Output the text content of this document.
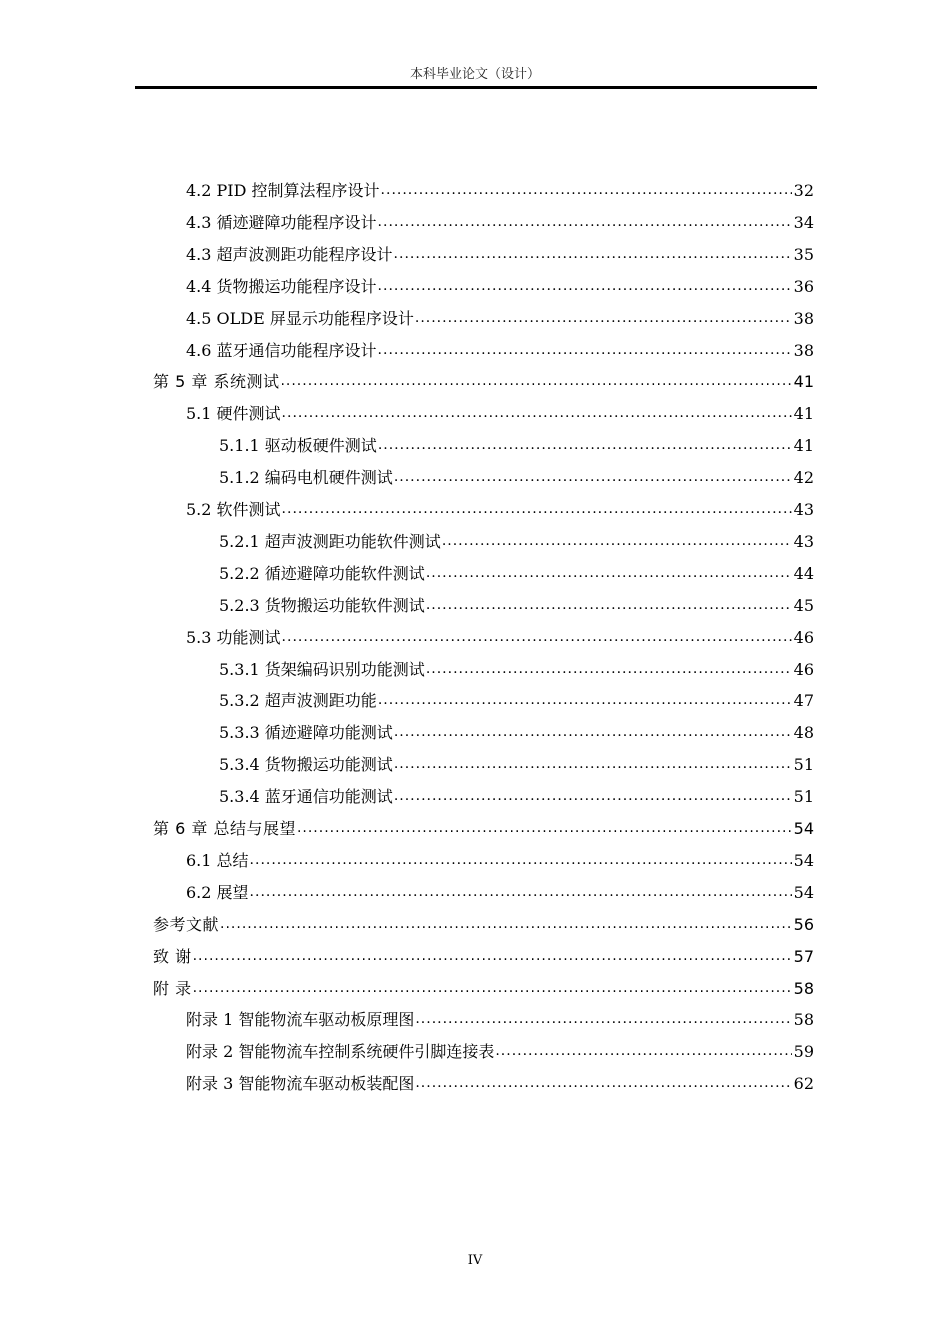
本科毕业论文（设计）
4.2 PID 控制算法程序设计 .....	32
4.3 循迹避障功能程序设计 .....	34
4.3 超声波测距功能程序设计 .....	35
4.4 货物搬运功能程序设计 .....	36
4.5 OLDE 屏显示功能程序设计 .....	38
4.6 蓝牙通信功能程序设计 .....	38
第 5 章 系统测试 .....	41
5.1 硬件测试 .....	41
5.1.1 驱动板硬件测试 .....	41
5.1.2 编码电机硬件测试 .....	42
5.2 软件测试 .....	43
5.2.1 超声波测距功能软件测试 .....	43
5.2.2 循迹避障功能软件测试 .....	44
5.2.3 货物搬运功能软件测试 .....	45
5.3 功能测试 .....	46
5.3.1 货架编码识别功能测试 .....	46
5.3.2 超声波测距功能 .....	47
5.3.3 循迹避障功能测试 .....	48
5.3.4 货物搬运功能测试 .....	51
5.3.4 蓝牙通信功能测试 .....	51
第 6 章 总结与展望 .....	54
6.1 总结 .....	54
6.2 展望 .....	54
参考文献 .....	56
致 谢 .....	57
附 录 .....	58
附录 1 智能物流车驱动板原理图 .....	58
附录 2 智能物流车控制系统硬件引脚连接表 .....	59
附录 3 智能物流车驱动板装配图 .....	62
IV
